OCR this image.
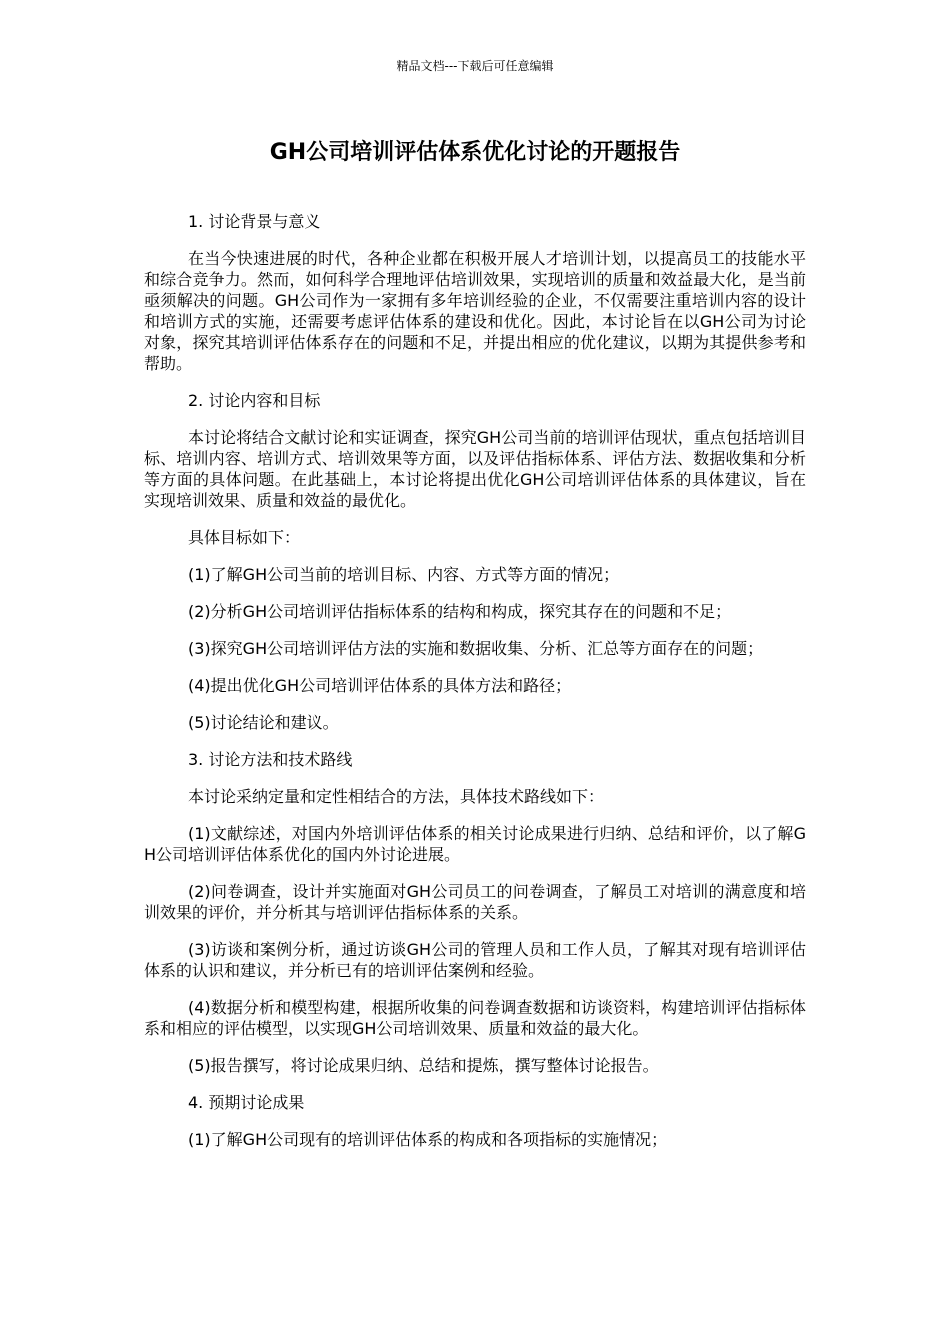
精品文档---下载后可任意编辑
GH公司培训评估体系优化讨论的开题报告

1. 讨论背景与意义

在当今快速进展的时代，各种企业都在积极开展人才培训计划，以提高员工的技能水平和综合竞争力。然而，如何科学合理地评估培训效果，实现培训的质量和效益最大化，是当前亟须解决的问题。GH公司作为一家拥有多年培训经验的企业，不仅需要注重培训内容的设计和培训方式的实施，还需要考虑评估体系的建设和优化。因此，本讨论旨在以GH公司为讨论对象，探究其培训评估体系存在的问题和不足，并提出相应的优化建议，以期为其提供参考和帮助。

2. 讨论内容和目标

本讨论将结合文献讨论和实证调查，探究GH公司当前的培训评估现状，重点包括培训目标、培训内容、培训方式、培训效果等方面，以及评估指标体系、评估方法、数据收集和分析等方面的具体问题。在此基础上，本讨论将提出优化GH公司培训评估体系的具体建议，旨在实现培训效果、质量和效益的最优化。

具体目标如下：

(1)了解GH公司当前的培训目标、内容、方式等方面的情况；

(2)分析GH公司培训评估指标体系的结构和构成，探究其存在的问题和不足；

(3)探究GH公司培训评估方法的实施和数据收集、分析、汇总等方面存在的问题；

(4)提出优化GH公司培训评估体系的具体方法和路径；

(5)讨论结论和建议。

3. 讨论方法和技术路线

本讨论采纳定量和定性相结合的方法，具体技术路线如下：

(1)文献综述，对国内外培训评估体系的相关讨论成果进行归纳、总结和评价，以了解GH公司培训评估体系优化的国内外讨论进展。

(2)问卷调查，设计并实施面对GH公司员工的问卷调查，了解员工对培训的满意度和培训效果的评价，并分析其与培训评估指标体系的关系。

(3)访谈和案例分析，通过访谈GH公司的管理人员和工作人员，了解其对现有培训评估体系的认识和建议，并分析已有的培训评估案例和经验。

(4)数据分析和模型构建，根据所收集的问卷调查数据和访谈资料，构建培训评估指标体系和相应的评估模型，以实现GH公司培训效果、质量和效益的最大化。

(5)报告撰写，将讨论成果归纳、总结和提炼，撰写整体讨论报告。

4. 预期讨论成果

(1)了解GH公司现有的培训评估体系的构成和各项指标的实施情况；
